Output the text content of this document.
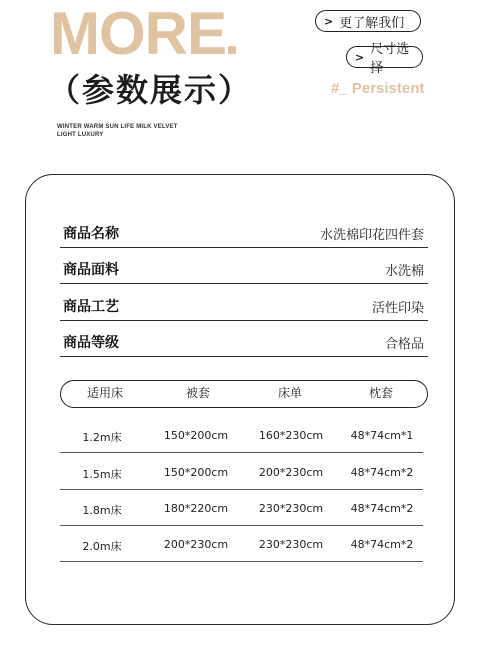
MORE
（参数展示）
WINTER WARM SUN LIFE MILK VELVET
LIGHT LUXURY
> 更了解我们
> 尺寸选择
#_ Persistent
商品名称	水洗棉印花四件套
商品面料	水洗棉
商品工艺	活性印染
商品等级	合格品
适用床	被套	床单	枕套
1.2m床	150*200cm	160*230cm 48*74cm*1
1.5m床	150*200cm	200*230cm 48*74cm*2
1.8m床	180*220cm	230*230cm 48*74cm*2
2.0m床	200*230cm	230*230cm 48*74cm*2
